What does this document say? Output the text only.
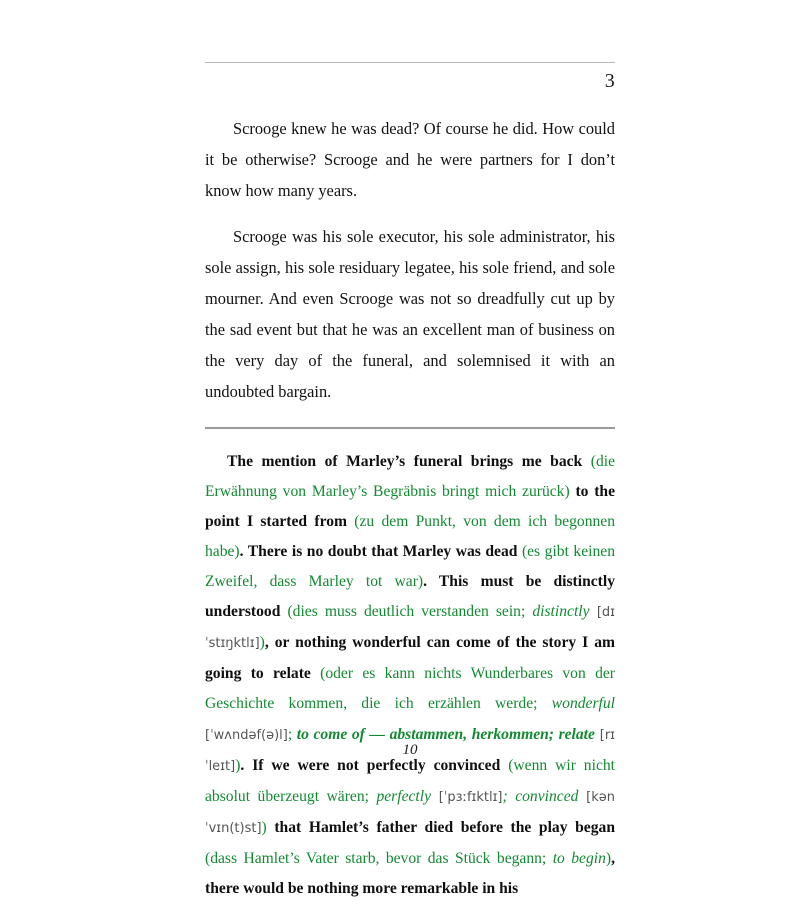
3

Scrooge knew he was dead? Of course he did. How could it be otherwise? Scrooge and he were partners for I don’t know how many years.

Scrooge was his sole executor, his sole administrator, his sole assign, his sole residuary legatee, his sole friend, and sole mourner. And even Scrooge was not so dreadfully cut up by the sad event but that he was an excellent man of business on the very day of the funeral, and solemnised it with an undoubted bargain.

The mention of Marley’s funeral brings me back (die Erwähnung von Marley’s Begräbnis bringt mich zurück) to the point I started from (zu dem Punkt, von dem ich begonnen habe). There is no doubt that Marley was dead (es gibt keinen Zweifel, dass Marley tot war). This must be distinctly understood (dies muss deutlich verstanden sein; distinctly [dɪˈstɪŋktlɪ]), or nothing wonderful can come of the story I am going to relate (oder es kann nichts Wunderbares von der Geschichte kommen, die ich erzählen werde; wonderful [ˈwʌndəf(ə)l]; to come of — abstammen, herkommen; relate [rɪˈleɪt]). If we were not perfectly convinced (wenn wir nicht absolut überzeugt wären; perfectly [ˈpɜːfɪktlɪ]; convinced [kənˈvɪn(t)st]) that Hamlet’s father died before the play began (dass Hamlet’s Vater starb, bevor das Stück begann; to begin), there would be nothing more remarkable in his

10
